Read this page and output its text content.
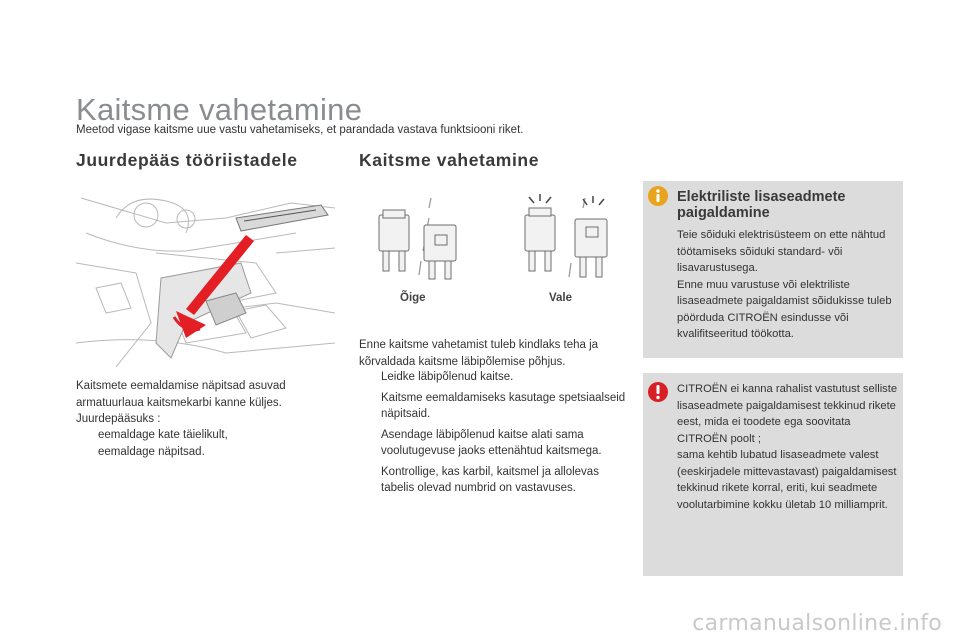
Kaitsme vahetamine
Meetod vigase kaitsme uue vastu vahetamiseks, et parandada vastava funktsiooni riket.
Juurdepääs tööriistadele
Kaitsmete eemaldamise näpitsad asuvad armatuurlaua kaitsmekarbi kanne küljes.
Juurdepääsuks :
eemaldage kate täielikult,
eemaldage näpitsad.
Kaitsme vahetamine
Õige	Vale
Enne kaitsme vahetamist tuleb kindlaks teha ja kõrvaldada kaitsme läbipõlemise põhjus.
Leidke läbipõlenud kaitse.
Kaitsme eemaldamiseks kasutage spetsiaalseid näpitsaid.
Asendage läbipõlenud kaitse alati sama voolutugevuse jaoks ettenähtud kaitsmega.
Kontrollige, kas karbil, kaitsmel ja allolevas tabelis olevad numbrid on vastavuses.
Elektriliste lisaseadmete paigaldamine
Teie sõiduki elektrisüsteem on ette nähtud töötamiseks sõiduki standard- või lisavarustusega.
Enne muu varustuse või elektriliste lisaseadmete paigaldamist sõidukisse tuleb pöörduda CITROËN esindusse või kvalifitseeritud töökotta.
CITROËN ei kanna rahalist vastutust selliste lisaseadmete paigaldamisest tekkinud rikete eest, mida ei toodete ega soovitata CITROËN poolt ;
sama kehtib lubatud lisaseadmete valest (eeskirjadele mittevastavast) paigaldamisest tekkinud rikete korral, eriti, kui seadmete voolutarbimine kokku ületab 10 milliamprit.
carmanualsonline.info
